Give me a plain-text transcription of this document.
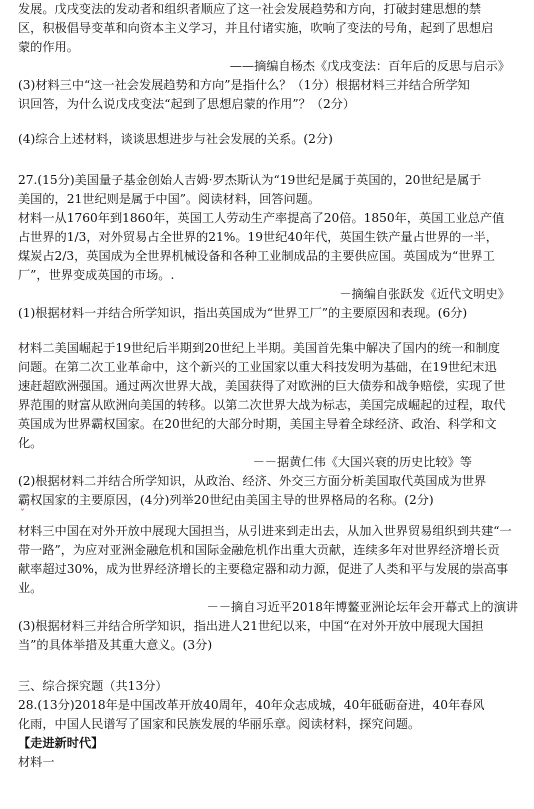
发展。戊戌变法的发动者和组织者顺应了这一社会发展趋势和方向，打破封建思想的禁
区，积极倡导变革和向资本主义学习，并且付诸实施，吹响了变法的号角，起到了思想启
蒙的作用。
——摘编自杨杰《戊戌变法：百年后的反思与启示》
(3)材料三中“这一社会发展趋势和方向”是指什么？（1分）根据材料三并结合所学知
识回答，为什么说戊戌变法“起到了思想启蒙的作用”？（2分）
(4)综合上述材料，谈谈思想进步与社会发展的关系。(2分)
27.(15分)美国量子基金创始人吉姆·罗杰斯认为“19世纪是属于英国的，20世纪是属于
美国的，21世纪则是属于中国”。阅读材料，回答问题。
材料一从1760年到1860年，英国工人劳动生产率提高了20倍。1850年，英国工业总产值
占世界的1/3，对外贸易占全世界的21%。19世纪40年代，英国生铁产量占世界的一半，
煤炭占2/3，英国成为全世界机械设备和各种工业制成品的主要供应国。英国成为“世界工
厂”，世界变成英国的市场。.
－摘编自张跃发《近代文明史》
(1)根据材料一并结合所学知识，指出英国成为“世界工厂”的主要原因和表现。(6分)
材料二美国崛起于19世纪后半期到20世纪上半期。美国首先集中解决了国内的统一和制度
问题。在第二次工业革命中，这个新兴的工业国家以重大科技发明为基础，在19世纪末迅
速赶超欧洲强国。通过两次世界大战，美国获得了对欧洲的巨大债券和战争赔偿，实现了世
界范围的财富从欧洲向美国的转移。以第二次世界大战为标志，美国完成崛起的过程，取代
英国成为世界霸权国家。在20世纪的大部分时期，美国主导着全球经济、政治、科学和文
化。
－－据黄仁伟《大国兴衰的历史比较》等
(2)根据材料二并结合所学知识，从政治、经济、外交三方面分析美国取代英国成为世界
霸权国家的主要原因，(4分)列举20世纪由美国主导的世界格局的名称。(2分)
ˇ
材料三中国在对外开放中展现大国担当，从引进来到走出去，从加入世界贸易组织到共建“一
带一路”，为应对亚洲金融危机和国际金融危机作出重大贡献，连续多年对世界经济增长贡
献率超过30%，成为世界经济增长的主要稳定器和动力源，促进了人类和平与发展的崇高事
业。
－－摘自习近平2018年博鳌亚洲论坛年会开幕式上的演讲
(3)根据材料三并结合所学知识，指出进人21世纪以来，中国“在对外开放中展现大国担
当”的具体举措及其重大意义。(3分)
三、综合探究题（共13分）
28.(13分)2018年是中国改革开放40周年，40年众志成城，40年砥砺奋进，40年春风
化雨，中国人民谱写了国家和民族发展的华丽乐章。阅读材料，探究问题。
【走进新时代】
材料一
